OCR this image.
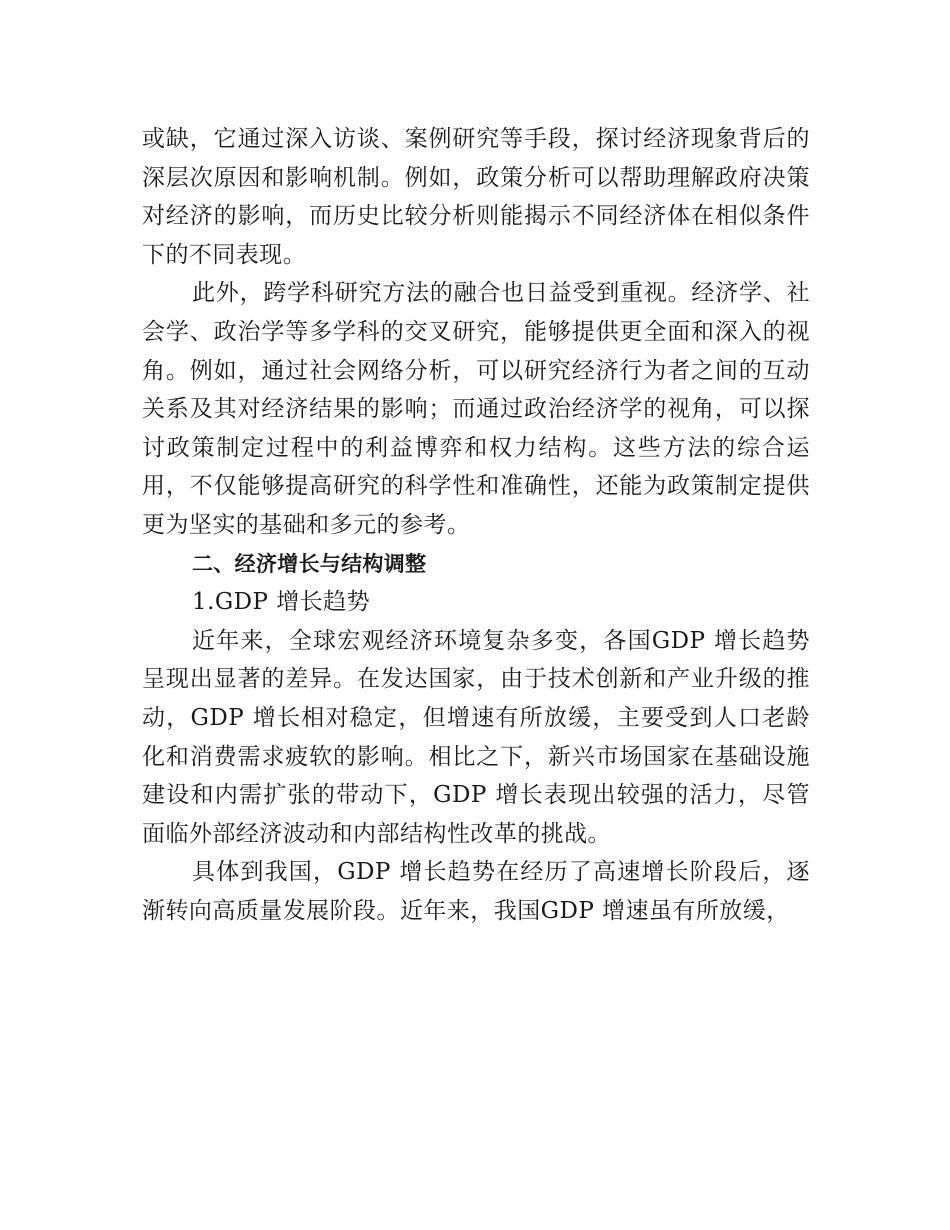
或缺，它通过深入访谈、案例研究等手段，探讨经济现象背后的深层次原因和影响机制。例如，政策分析可以帮助理解政府决策对经济的影响，而历史比较分析则能揭示不同经济体在相似条件下的不同表现。

此外，跨学科研究方法的融合也日益受到重视。经济学、社会学、政治学等多学科的交叉研究，能够提供更全面和深入的视角。例如，通过社会网络分析，可以研究经济行为者之间的互动关系及其对经济结果的影响；而通过政治经济学的视角，可以探讨政策制定过程中的利益博弈和权力结构。这些方法的综合运用，不仅能够提高研究的科学性和准确性，还能为政策制定提供更为坚实的基础和多元的参考。

二、经济增长与结构调整

1.GDP 增长趋势

近年来，全球宏观经济环境复杂多变，各国GDP 增长趋势呈现出显著的差异。在发达国家，由于技术创新和产业升级的推动，GDP 增长相对稳定，但增速有所放缓，主要受到人口老龄化和消费需求疲软的影响。相比之下，新兴市场国家在基础设施建设和内需扩张的带动下，GDP 增长表现出较强的活力，尽管面临外部经济波动和内部结构性改革的挑战。

具体到我国，GDP 增长趋势在经历了高速增长阶段后，逐渐转向高质量发展阶段。近年来，我国GDP 增速虽有所放缓，
